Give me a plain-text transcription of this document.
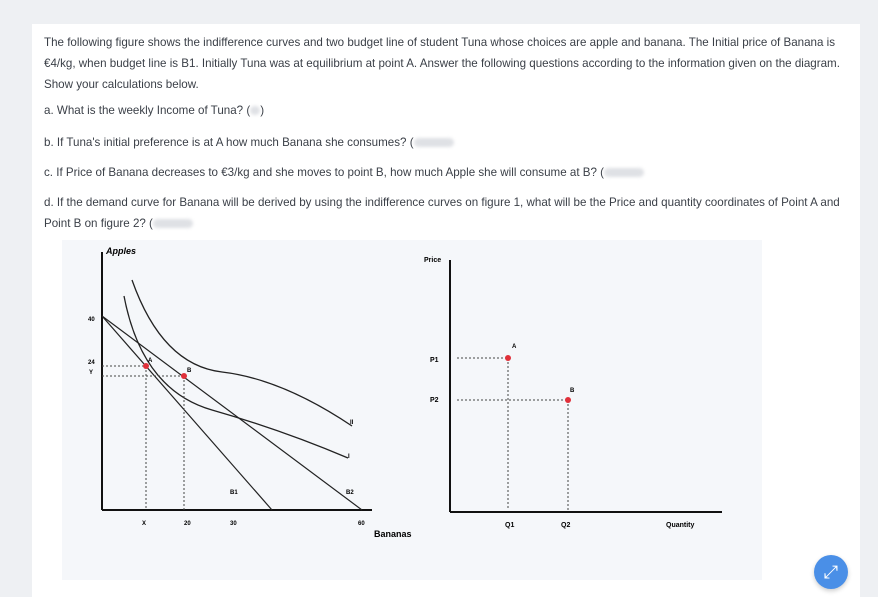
The following figure shows the indifference curves and two budget line of student Tuna whose choices are apple and banana. The Initial price of Banana is €4/kg, when budget line is B1. Initially Tuna was at equilibrium at point A. Answer the following questions according to the information given on the diagram. Show your calculations below.
a. What is the weekly Income of Tuna? ( )
b. If Tuna's initial preference is at A how much Banana she consumes? (
c. If Price of Banana decreases to €3/kg and she moves to point B, how much Apple she will consume at B? (
d. If the demand curve for Banana will be derived by using the indifference curves on figure 1, what will be the Price and quantity coordinates of Point A and Point B on figure 2? (
Apples
Bananas
40
24
Y
X	20	30	60
B1	B2
II
I
A
B
Price
Quantity
P1
P2
Q1	Q2
A
B
⤢
